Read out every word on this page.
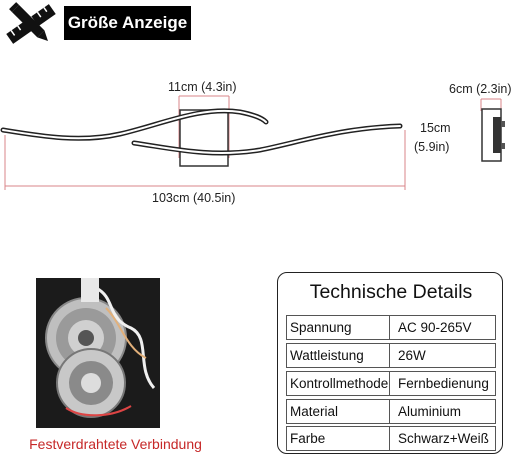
Größe Anzeige
11cm (4.3in)
103cm (40.5in)
6cm (2.3in)
15cm
(5.9in)
Festverdrahtete Verbindung
Technische Details
Spannung	AC 90-265V
Wattleistung	26W
Kontrollmethode Fernbedienung
Material	Aluminium
Farbe	Schwarz+Weiß
